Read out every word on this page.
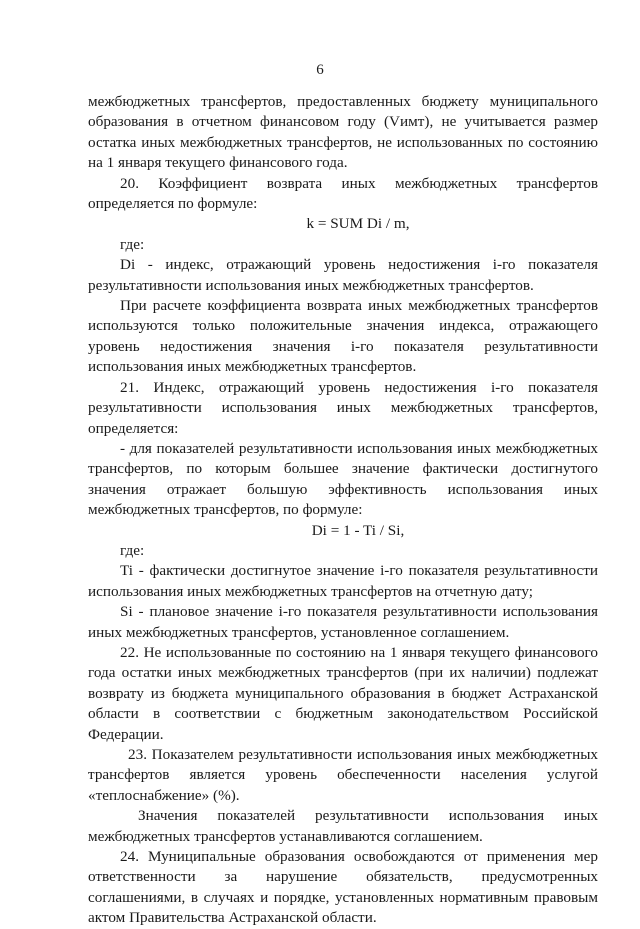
6

межбюджетных трансфертов, предоставленных бюджету муниципального образования в отчетном финансовом году (Vимт), не учитывается размер остатка иных межбюджетных трансфертов, не использованных по состоянию на 1 января текущего финансового года.

20. Коэффициент возврата иных межбюджетных трансфертов определяется по формуле:

k = SUM Di / m,

где:

Di - индекс, отражающий уровень недостижения i-го показателя результативности использования иных межбюджетных трансфертов.

При расчете коэффициента возврата иных межбюджетных трансфертов используются только положительные значения индекса, отражающего уровень недостижения значения i-го показателя результативности использования иных межбюджетных трансфертов.

21. Индекс, отражающий уровень недостижения i-го показателя результативности использования иных межбюджетных трансфертов, определяется:

- для показателей результативности использования иных межбюджетных трансфертов, по которым большее значение фактически достигнутого значения отражает большую эффективность использования иных межбюджетных трансфертов, по формуле:

Di = 1 - Ti / Si,

где:

Ti - фактически достигнутое значение i-го показателя результативности использования иных межбюджетных трансфертов на отчетную дату;

Si - плановое значение i-го показателя результативности использования иных межбюджетных трансфертов, установленное соглашением.

22. Не использованные по состоянию на 1 января текущего финансового года остатки иных межбюджетных трансфертов (при их наличии) подлежат возврату из бюджета муниципального образования в бюджет Астраханской области в соответствии с бюджетным законодательством Российской Федерации.

23. Показателем результативности использования иных межбюджетных трансфертов является уровень обеспеченности населения услугой «теплоснабжение» (%).

Значения показателей результативности использования иных межбюджетных трансфертов устанавливаются соглашением.

24. Муниципальные образования освобождаются от применения мер ответственности за нарушение обязательств, предусмотренных соглашениями, в случаях и порядке, установленных нормативным правовым актом Правительства Астраханской области.
